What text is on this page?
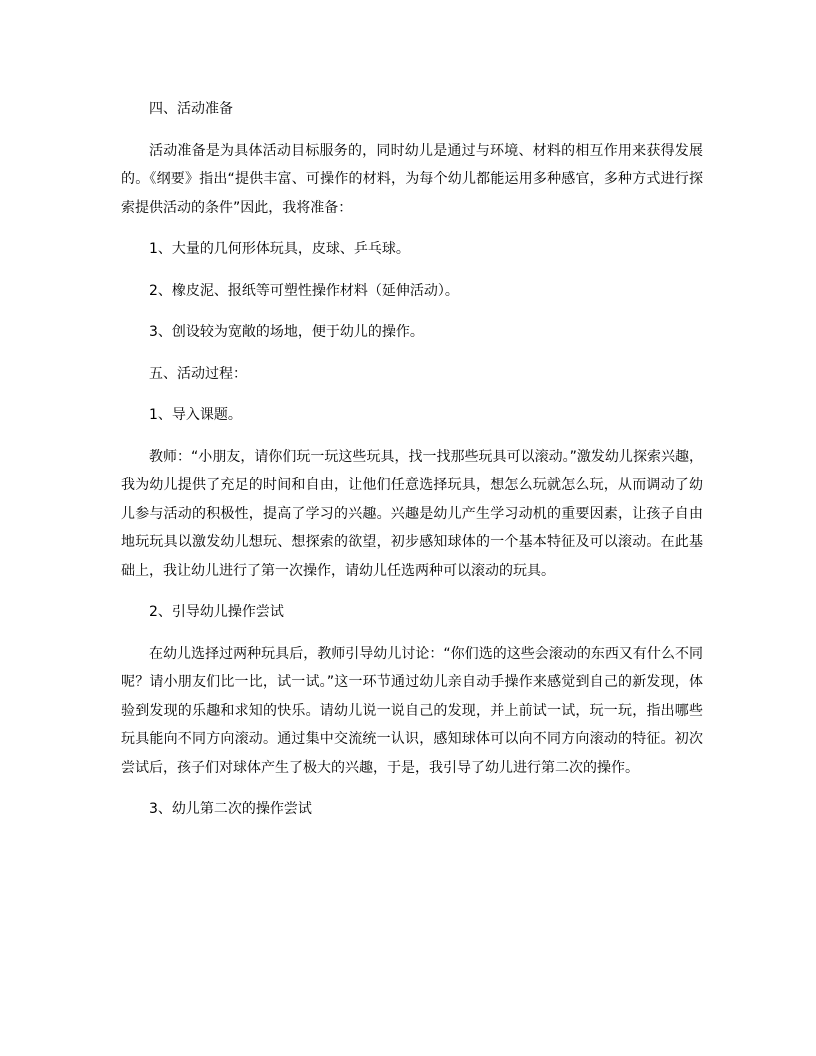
四、活动准备

活动准备是为具体活动目标服务的，同时幼儿是通过与环境、材料的相互作用来获得发展的。《纲要》指出“提供丰富、可操作的材料，为每个幼儿都能运用多种感官，多种方式进行探索提供活动的条件”因此，我将准备：

1、大量的几何形体玩具，皮球、乒乓球。

2、橡皮泥、报纸等可塑性操作材料（延伸活动）。

3、创设较为宽敞的场地，便于幼儿的操作。

五、活动过程：

1、导入课题。

教师：“小朋友，请你们玩一玩这些玩具，找一找那些玩具可以滚动。”激发幼儿探索兴趣，我为幼儿提供了充足的时间和自由，让他们任意选择玩具，想怎么玩就怎么玩，从而调动了幼儿参与活动的积极性，提高了学习的兴趣。兴趣是幼儿产生学习动机的重要因素，让孩子自由地玩玩具以激发幼儿想玩、想探索的欲望，初步感知球体的一个基本特征及可以滚动。在此基础上，我让幼儿进行了第一次操作，请幼儿任选两种可以滚动的玩具。

2、引导幼儿操作尝试

在幼儿选择过两种玩具后，教师引导幼儿讨论：“你们选的这些会滚动的东西又有什么不同呢？请小朋友们比一比，试一试。”这一环节通过幼儿亲自动手操作来感觉到自己的新发现，体验到发现的乐趣和求知的快乐。请幼儿说一说自己的发现，并上前试一试，玩一玩，指出哪些玩具能向不同方向滚动。通过集中交流统一认识，感知球体可以向不同方向滚动的特征。初次尝试后，孩子们对球体产生了极大的兴趣，于是，我引导了幼儿进行第二次的操作。

3、幼儿第二次的操作尝试
